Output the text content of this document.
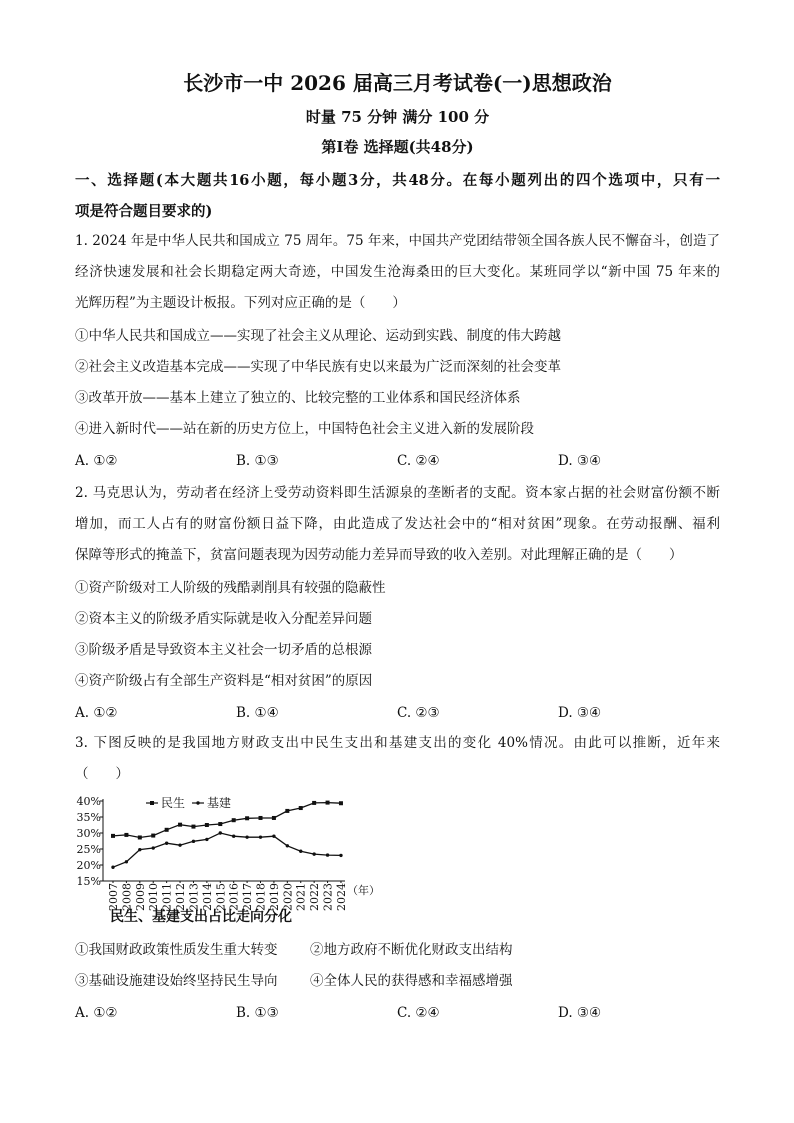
长沙市一中 2026 届高三月考试卷(一)思想政治
时量 75 分钟 满分 100 分
第Ⅰ卷 选择题(共48分)
一、选择题(本大题共16小题，每小题3分，共48分。在每小题列出的四个选项中，只有一
项是符合题目要求的)
1. 2024 年是中华人民共和国成立 75 周年。75 年来，中国共产党团结带领全国各族人民不懈奋斗，创造了
经济快速发展和社会长期稳定两大奇迹，中国发生沧海桑田的巨大变化。某班同学以“新中国 75 年来的
光辉历程”为主题设计板报。下列对应正确的是（　　）
①中华人民共和国成立——实现了社会主义从理论、运动到实践、制度的伟大跨越
②社会主义改造基本完成——实现了中华民族有史以来最为广泛而深刻的社会变革
③改革开放——基本上建立了独立的、比较完整的工业体系和国民经济体系
④进入新时代——站在新的历史方位上，中国特色社会主义进入新的发展阶段
A. ①②	B. ①③	C. ②④	D. ③④
2. 马克思认为，劳动者在经济上受劳动资料即生活源泉的垄断者的支配。资本家占据的社会财富份额不断
增加，而工人占有的财富份额日益下降，由此造成了发达社会中的“相对贫困”现象。在劳动报酬、福利
保障等形式的掩盖下，贫富问题表现为因劳动能力差异而导致的收入差别。对此理解正确的是（　　）
①资产阶级对工人阶级的残酷剥削具有较强的隐蔽性
②资本主义的阶级矛盾实际就是收入分配差异问题
③阶级矛盾是导致资本主义社会一切矛盾的总根源
④资产阶级占有全部生产资料是“相对贫困”的原因
A. ①②	B. ①④	C. ②③	D. ③④
3. 下图反映的是我国地方财政支出中民生支出和基建支出的变化 40%情况。由此可以推断，近年来
（　　）
40%
35%
30%
25%
20%
15%
2007 2008 2009 2010 2011 2012 2013 2014 2015 2016 2017 2018 2019 2020 2021 2022 2023 2024 （年）
民生 基建
民生、基建支出占比走向分化
①我国财政政策性质发生重大转变 ②地方政府不断优化财政支出结构
③基础设施建设始终坚持民生导向 ④全体人民的获得感和幸福感增强
A. ①②	B. ①③	C. ②④	D. ③④
